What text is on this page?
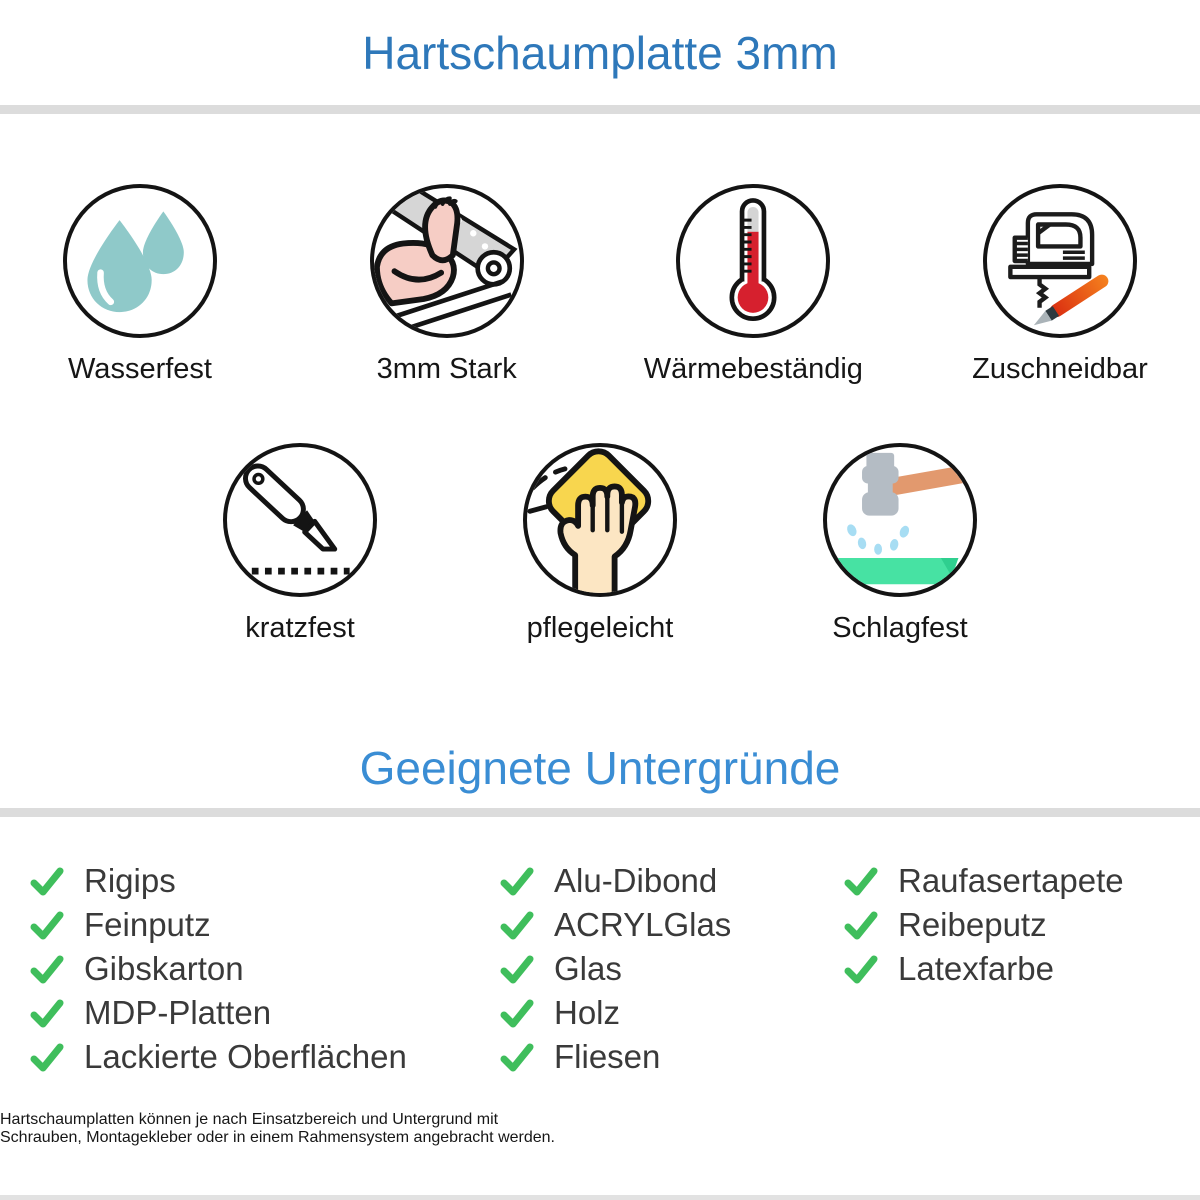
Hartschaumplatte 3mm
Wasserfest	3mm Stark	Wärmebeständig	Zuschneidbar
kratzfest	pflegeleicht	Schlagfest
Geeignete Untergründe
Rigips
Feinputz
Gibskarton
MDP-Platten
Lackierte Oberflächen
Alu-Dibond
ACRYLGlas
Glas
Holz
Fliesen
Raufasertapete
Reibeputz
Latexfarbe

Hartschaumplatten können je nach Einsatzbereich und Untergrund mit
Schrauben, Montagekleber oder in einem Rahmensystem angebracht werden.
